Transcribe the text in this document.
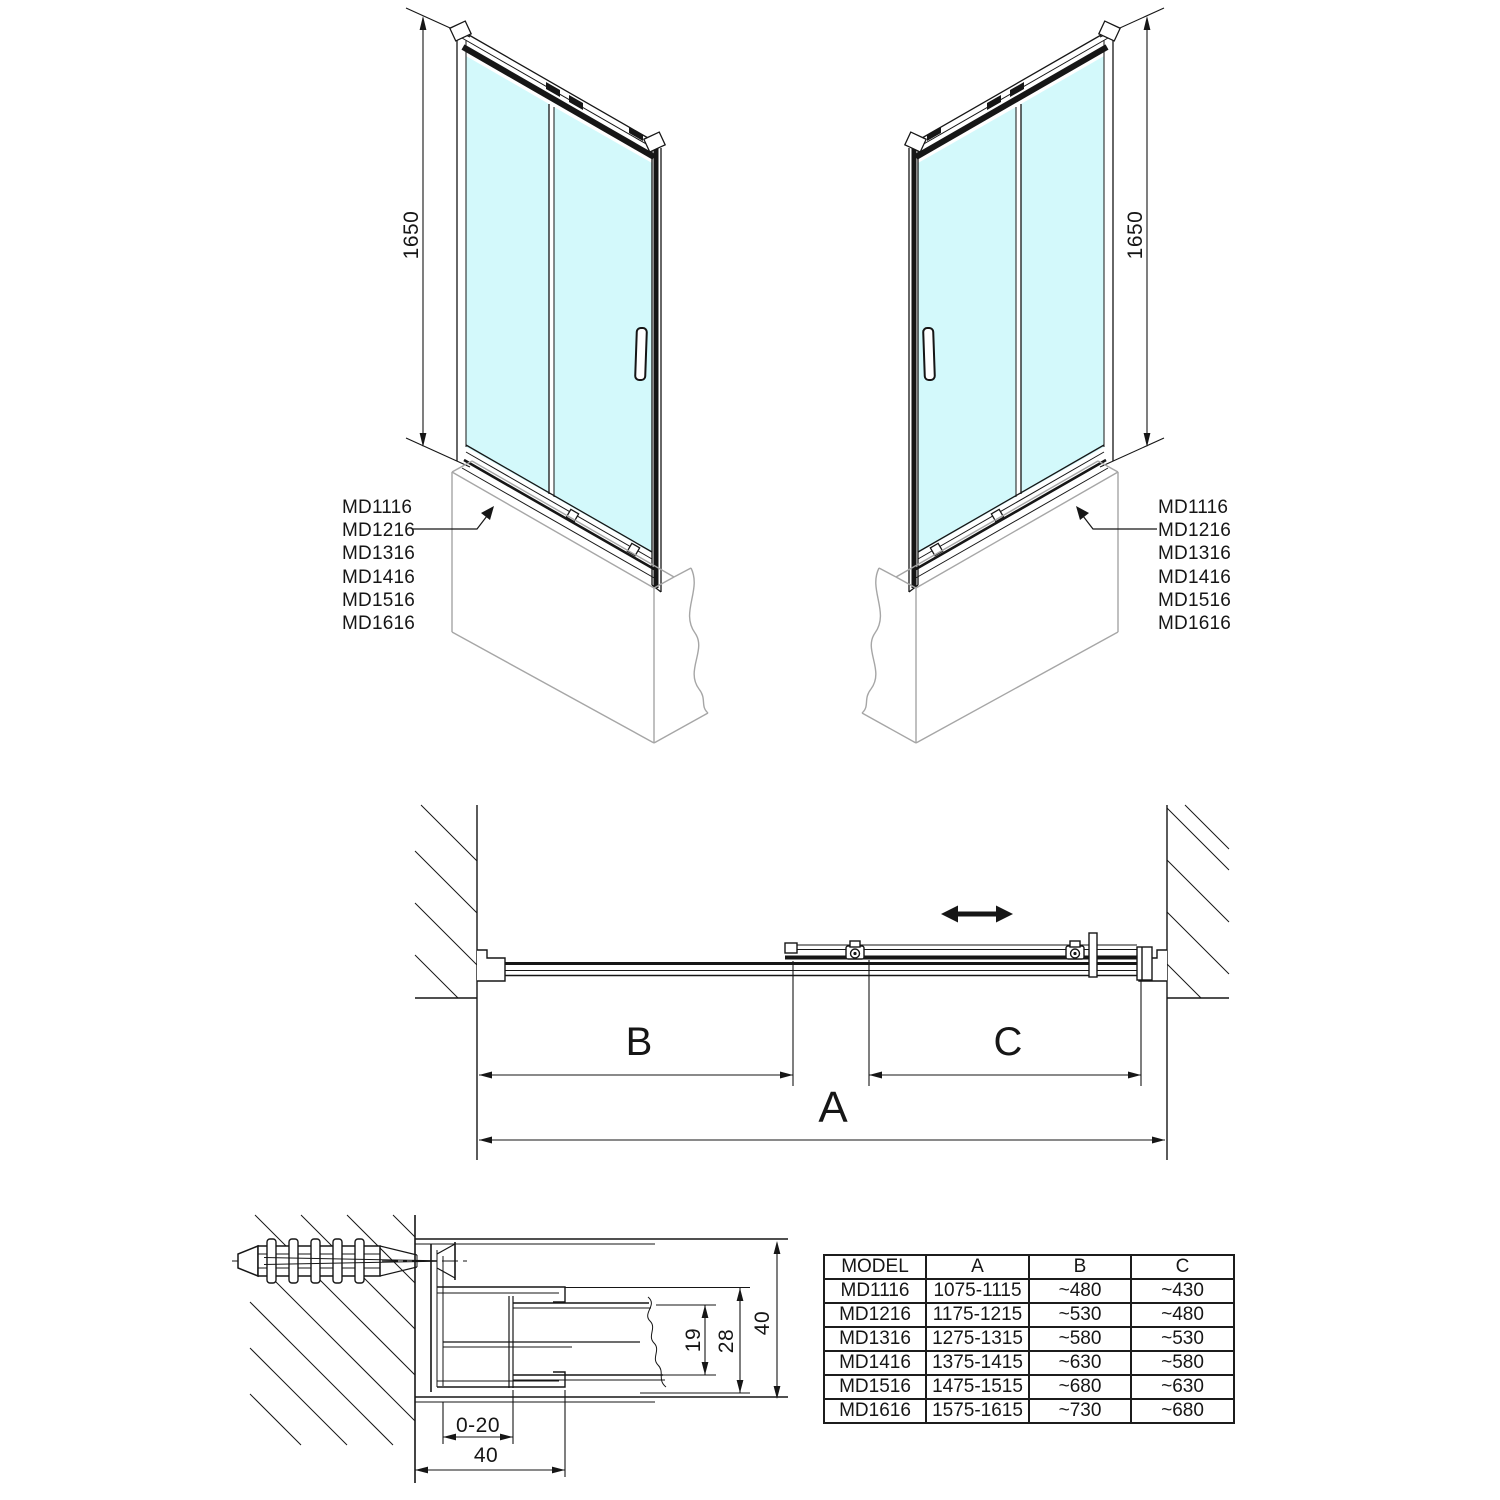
1650	1650
MD1116
MD1216
MD1316
MD1416
MD1516
MD1616
MD1116
MD1216
MD1316
MD1416
MD1516
MD1616
B	C
A
0-20
40
19 28
40
MODEL	A	B	C
MD1116	1075-1115	~480	~430
MD1216	1175-1215	~530	~480
MD1316	1275-1315	~580	~530
MD1416	1375-1415	~630	~580
MD1516	1475-1515	~680	~630
MD1616	1575-1615	~730	~680
